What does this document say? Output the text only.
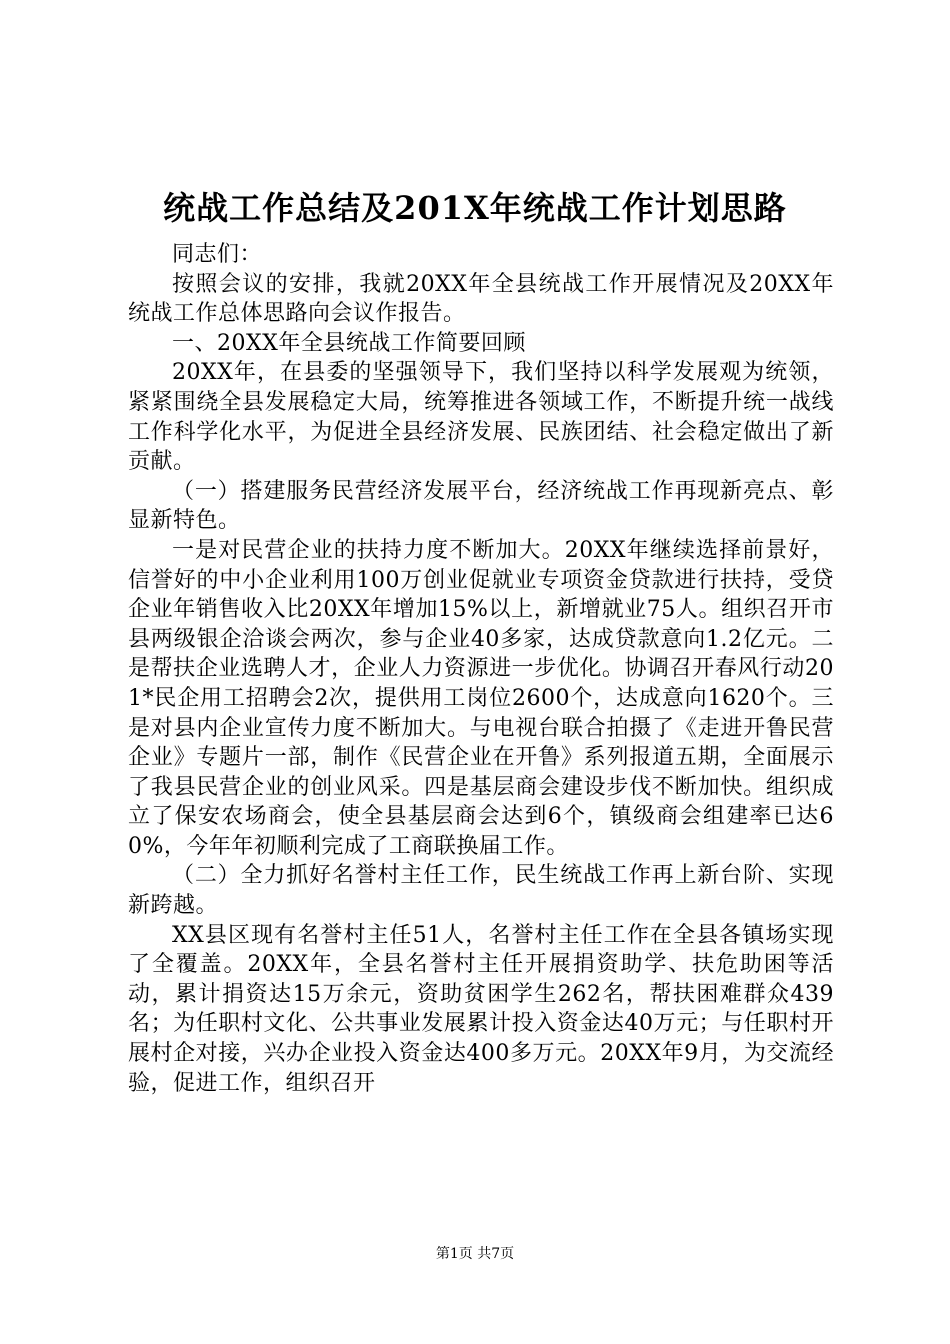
统战工作总结及201X年统战工作计划思路

同志们：

按照会议的安排，我就20XX年全县统战工作开展情况及20XX年统战工作总体思路向会议作报告。

一、20XX年全县统战工作简要回顾

20XX年，在县委的坚强领导下，我们坚持以科学发展观为统领，紧紧围绕全县发展稳定大局，统筹推进各领域工作，不断提升统一战线工作科学化水平，为促进全县经济发展、民族团结、社会稳定做出了新贡献。

（一）搭建服务民营经济发展平台，经济统战工作再现新亮点、彰显新特色。

一是对民营企业的扶持力度不断加大。20XX年继续选择前景好，信誉好的中小企业利用100万创业促就业专项资金贷款进行扶持，受贷企业年销售收入比20XX年增加15%以上，新增就业75人。组织召开市县两级银企洽谈会两次，参与企业40多家，达成贷款意向1.2亿元。二是帮扶企业选聘人才，企业人力资源进一步优化。协调召开春风行动201*民企用工招聘会2次，提供用工岗位2600个，达成意向1620个。三是对县内企业宣传力度不断加大。与电视台联合拍摄了《走进开鲁民营企业》专题片一部，制作《民营企业在开鲁》系列报道五期，全面展示了我县民营企业的创业风采。四是基层商会建设步伐不断加快。组织成立了保安农场商会，使全县基层商会达到6个，镇级商会组建率已达60%，今年年初顺利完成了工商联换届工作。

（二）全力抓好名誉村主任工作，民生统战工作再上新台阶、实现新跨越。

XX县区现有名誉村主任51人，名誉村主任工作在全县各镇场实现了全覆盖。20XX年，全县名誉村主任开展捐资助学、扶危助困等活动，累计捐资达15万余元，资助贫困学生262名，帮扶困难群众439名；为任职村文化、公共事业发展累计投入资金达40万元；与任职村开展村企对接，兴办企业投入资金达400多万元。20XX年9月，为交流经验，促进工作，组织召开

第1页 共7页
